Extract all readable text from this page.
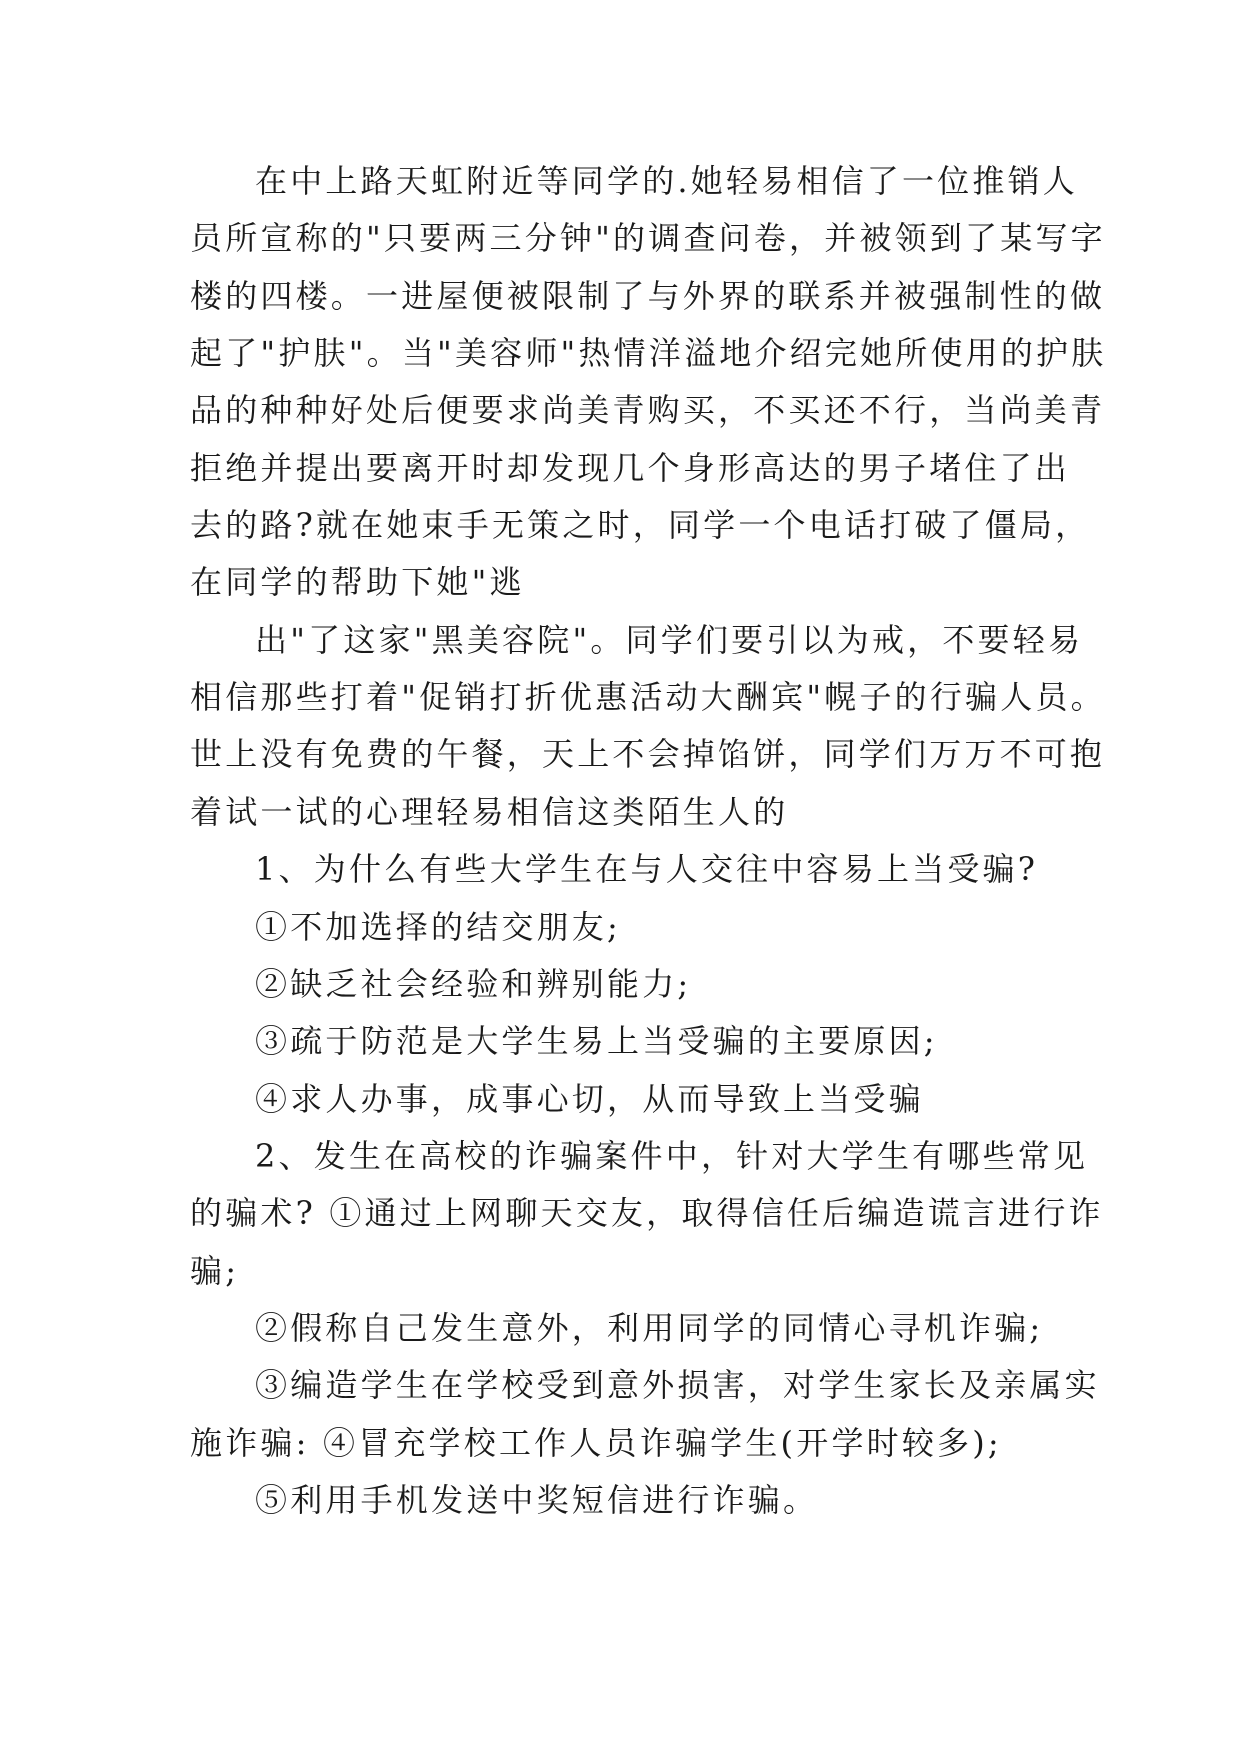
在中上路天虹附近等同学的.她轻易相信了一位推销人
员所宣称的"只要两三分钟"的调查问卷，并被领到了某写字
楼的四楼。一进屋便被限制了与外界的联系并被强制性的做
起了"护肤"。当"美容师"热情洋溢地介绍完她所使用的护肤
品的种种好处后便要求尚美青购买，不买还不行，当尚美青
拒绝并提出要离开时却发现几个身形高达的男子堵住了出
去的路?就在她束手无策之时，同学一个电话打破了僵局，
在同学的帮助下她"逃
出"了这家"黑美容院"。同学们要引以为戒，不要轻易
相信那些打着"促销打折优惠活动大酬宾"幌子的行骗人员。
世上没有免费的午餐，天上不会掉馅饼，同学们万万不可抱
着试一试的心理轻易相信这类陌生人的
1、为什么有些大学生在与人交往中容易上当受骗?
①不加选择的结交朋友;
②缺乏社会经验和辨别能力;
③疏于防范是大学生易上当受骗的主要原因;
④求人办事，成事心切，从而导致上当受骗
2、发生在高校的诈骗案件中，针对大学生有哪些常见
的骗术? ①通过上网聊天交友，取得信任后编造谎言进行诈
骗;
②假称自己发生意外，利用同学的同情心寻机诈骗;
③编造学生在学校受到意外损害，对学生家长及亲属实
施诈骗: ④冒充学校工作人员诈骗学生(开学时较多);
⑤利用手机发送中奖短信进行诈骗。
